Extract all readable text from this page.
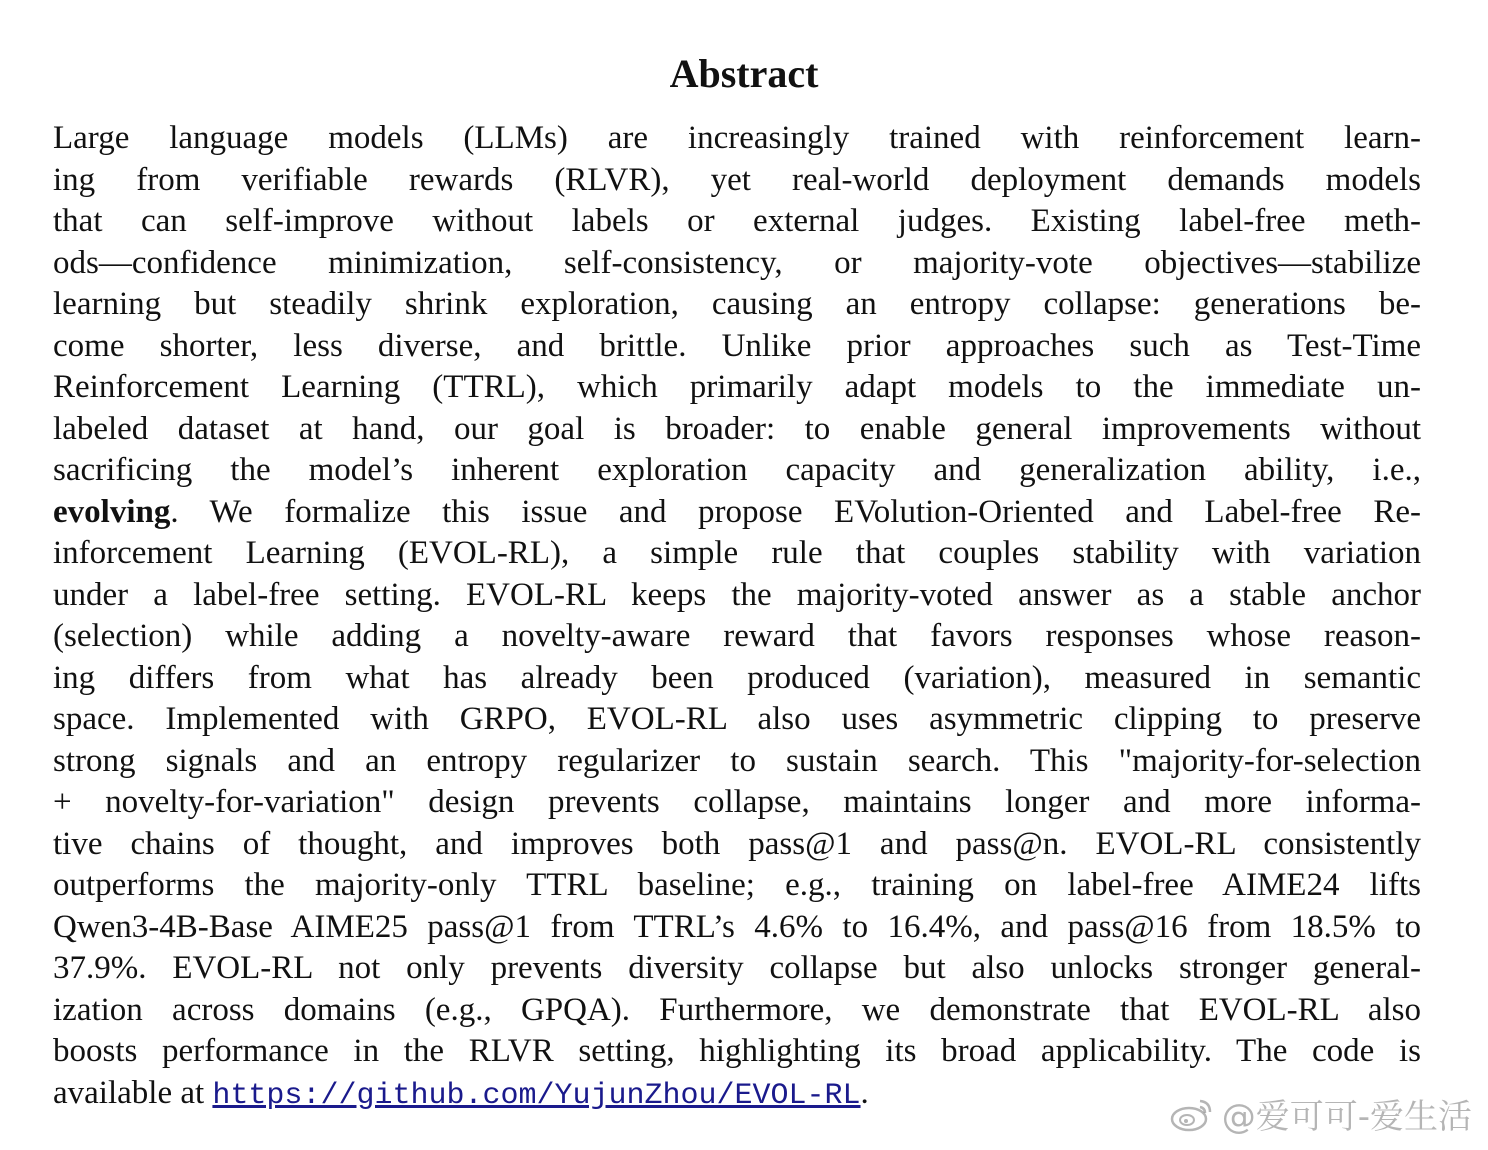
Abstract
Large language models (LLMs) are increasingly trained with reinforcement learn-
ing from verifiable rewards (RLVR), yet real-world deployment demands models
that can self-improve without labels or external judges. Existing label-free meth-
ods—confidence minimization, self-consistency, or majority-vote objectives—stabilize
learning but steadily shrink exploration, causing an entropy collapse: generations be-
come shorter, less diverse, and brittle. Unlike prior approaches such as Test-Time
Reinforcement Learning (TTRL), which primarily adapt models to the immediate un-
labeled dataset at hand, our goal is broader: to enable general improvements without
sacrificing the model’s inherent exploration capacity and generalization ability, i.e.,
evolving. We formalize this issue and propose EVolution-Oriented and Label-free Re-
inforcement Learning (EVOL-RL), a simple rule that couples stability with variation
under a label-free setting. EVOL-RL keeps the majority-voted answer as a stable anchor
(selection) while adding a novelty-aware reward that favors responses whose reason-
ing differs from what has already been produced (variation), measured in semantic
space. Implemented with GRPO, EVOL-RL also uses asymmetric clipping to preserve
strong signals and an entropy regularizer to sustain search. This "majority-for-selection
+ novelty-for-variation" design prevents collapse, maintains longer and more informa-
tive chains of thought, and improves both pass@1 and pass@n. EVOL-RL consistently
outperforms the majority-only TTRL baseline; e.g., training on label-free AIME24 lifts
Qwen3-4B-Base AIME25 pass@1 from TTRL’s 4.6% to 16.4%, and pass@16 from 18.5% to
37.9%. EVOL-RL not only prevents diversity collapse but also unlocks stronger general-
ization across domains (e.g., GPQA). Furthermore, we demonstrate that EVOL-RL also
boosts performance in the RLVR setting, highlighting its broad applicability. The code is
available at https://github.com/YujunZhou/EVOL-RL.
@爱可可-爱生活
